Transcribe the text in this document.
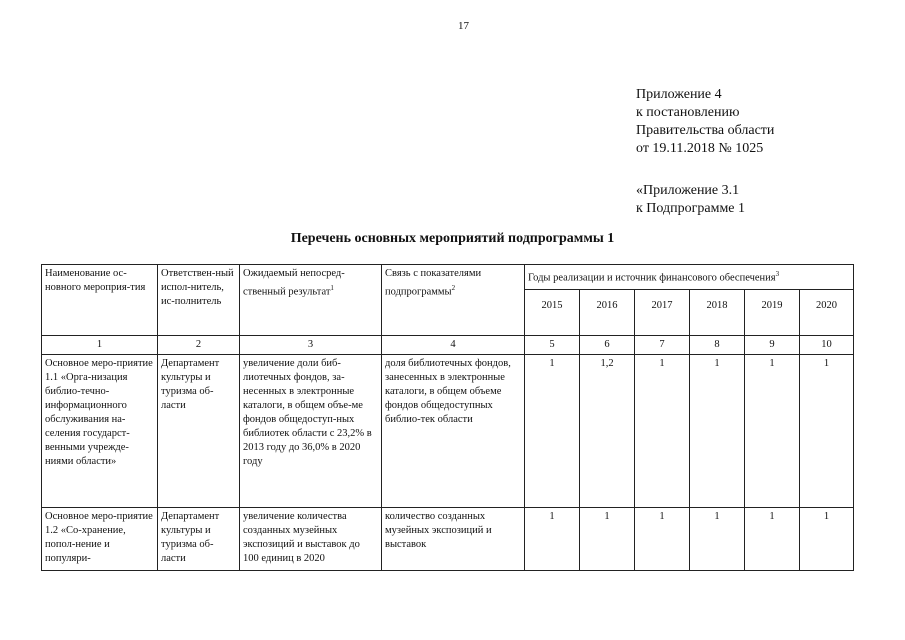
17
Приложение 4
к постановлению
Правительства области
от 19.11.2018 № 1025
«Приложение 3.1
к Подпрограмме 1
Перечень основных мероприятий подпрограммы 1
Наименование ос-новного мероприя-тия	Ответствен-ный испол-нитель, ис-полнитель	Ожидаемый непосред-ственный результат$^1$	Связь с показателями подпрограммы$^2$	Годы реализации и источник финансового обеспечения$^3$
				2015	2016	2017	2018	2019	2020
1	2	3	4	5	6	7	8	9	10
Основное меро-приятие 1.1 «Орга-низация библио-течно-информационного обслуживания на-селения государст-венными учрежде-ниями области»	Департамент культуры и туризма об-ласти	увеличение доли биб-лиотечных фондов, за-несенных в электронные каталоги, в общем объе-ме фондов общедоступ-ных библиотек области с 23,2% в 2013 году до 36,0% в 2020 году	доля библиотечных фондов, занесенных в электронные каталоги, в общем объеме фондов общедоступных библио-тек области	1	1,2	1	1	1	1
Основное меро-приятие 1.2 «Со-хранение, попол-нение и популяри-	Департамент культуры и туризма об-ласти	увеличение количества созданных музейных экспозиций и выставок до 100 единиц в 2020	количество созданных музейных экспозиций и выставок	1	1	1	1	1	1
